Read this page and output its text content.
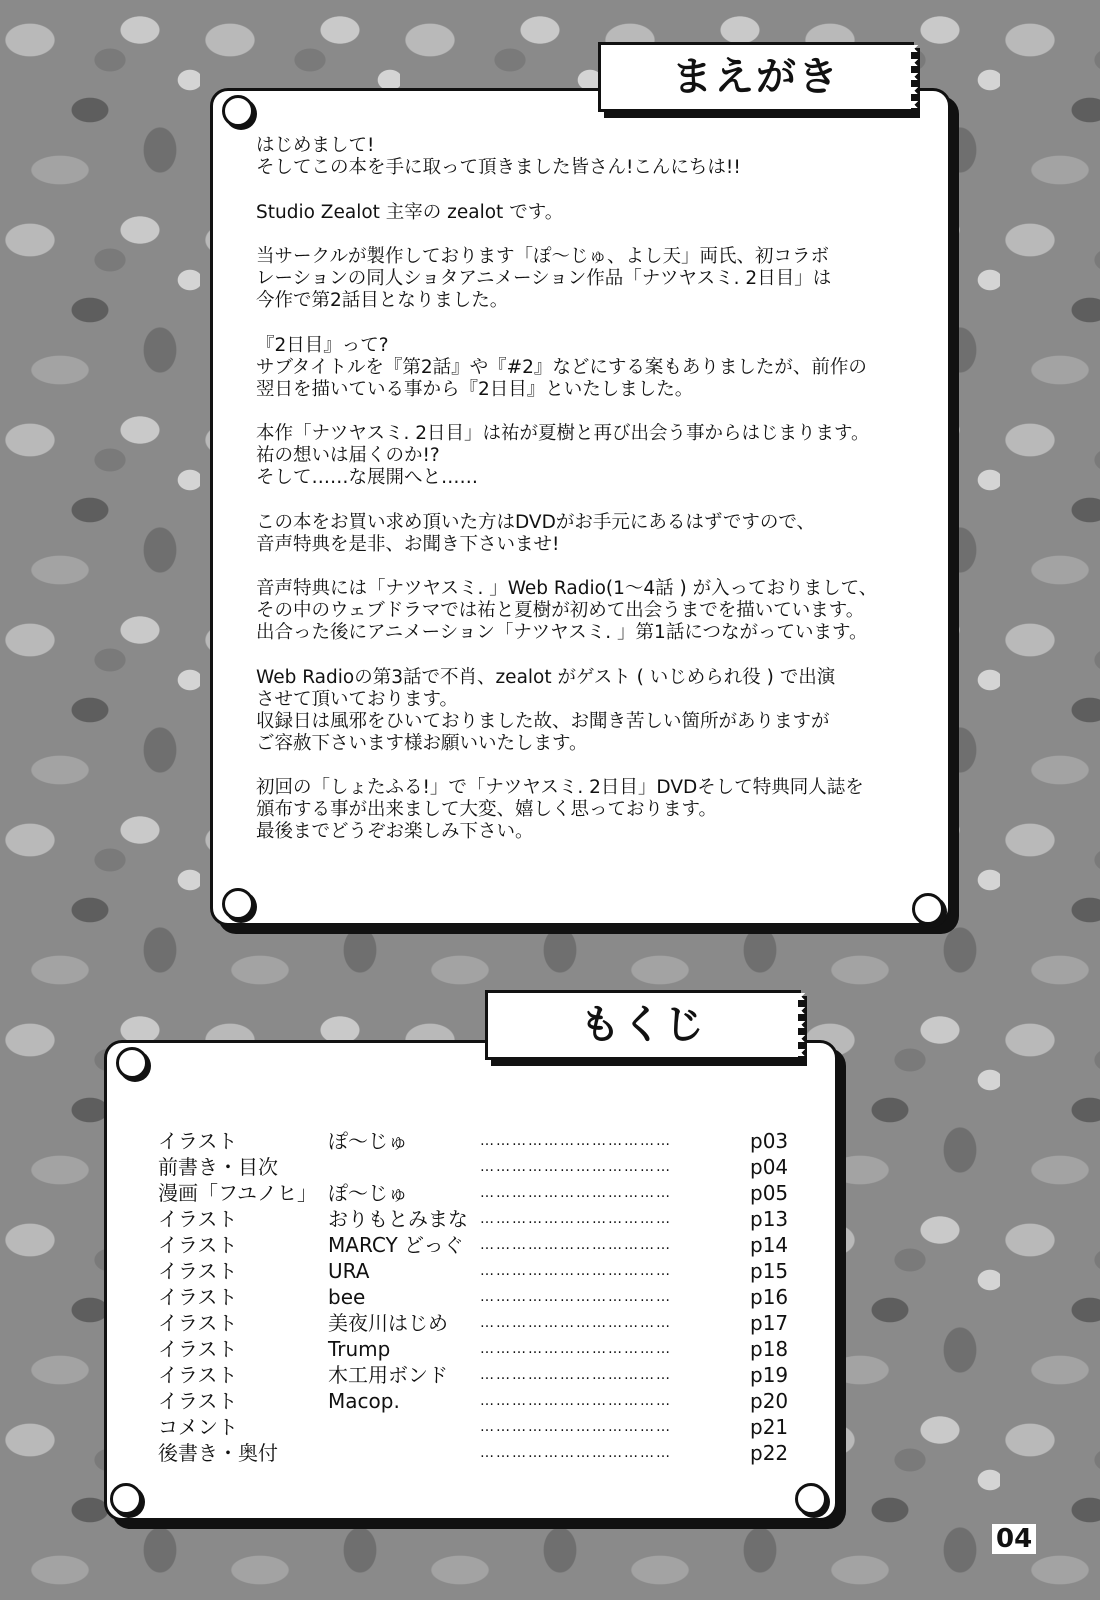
まえがき

はじめまして!
そしてこの本を手に取って頂きました皆さん!こんにちは!!

Studio Zealot 主宰の zealot です。

当サークルが製作しております「ぽ〜じゅ、よし天」両氏、初コラボ
レーションの同人ショタアニメーション作品「ナツヤスミ. 2日目」は
今作で第2話目となりました。

『2日目』って?
サブタイトルを『第2話』や『#2』などにする案もありましたが、前作の
翌日を描いている事から『2日目』といたしました。

本作「ナツヤスミ. 2日目」は祐が夏樹と再び出会う事からはじまります。
祐の想いは届くのか!?
そして……な展開へと……

この本をお買い求め頂いた方はDVDがお手元にあるはずですので、
音声特典を是非、お聞き下さいませ!

音声特典には「ナツヤスミ. 」Web Radio(1〜4話 ) が入っておりまして、
その中のウェブドラマでは祐と夏樹が初めて出会うまでを描いています。
出合った後にアニメーション「ナツヤスミ. 」第1話につながっています。

Web Radioの第3話で不肖、zealot がゲスト ( いじめられ役 ) で出演
させて頂いております。
収録日は風邪をひいておりました故、お聞き苦しい箇所がありますが
ご容赦下さいます様お願いいたします。

初回の「しょたふる!」で「ナツヤスミ. 2日目」DVDそして特典同人誌を
頒布する事が出来まして大変、嬉しく思っております。
最後までどうぞお楽しみ下さい。

もくじ
イラスト	ぽ〜じゅ	………………………………	p03
前書き・目次	………………………………	p04
漫画「フユノヒ」 ぽ〜じゅ	………………………………	p05
イラスト	おりもとみまな ………………………………	p13
イラスト	MARCY どっぐ	………………………………	p14
イラスト	URA	………………………………	p15
イラスト	bee	………………………………	p16
イラスト	美夜川はじめ	………………………………	p17
イラスト	Trump	………………………………	p18
イラスト	木工用ボンド	………………………………	p19
イラスト	Macop.	………………………………	p20
コメント	………………………………	p21
後書き・奥付	………………………………	p22
04
